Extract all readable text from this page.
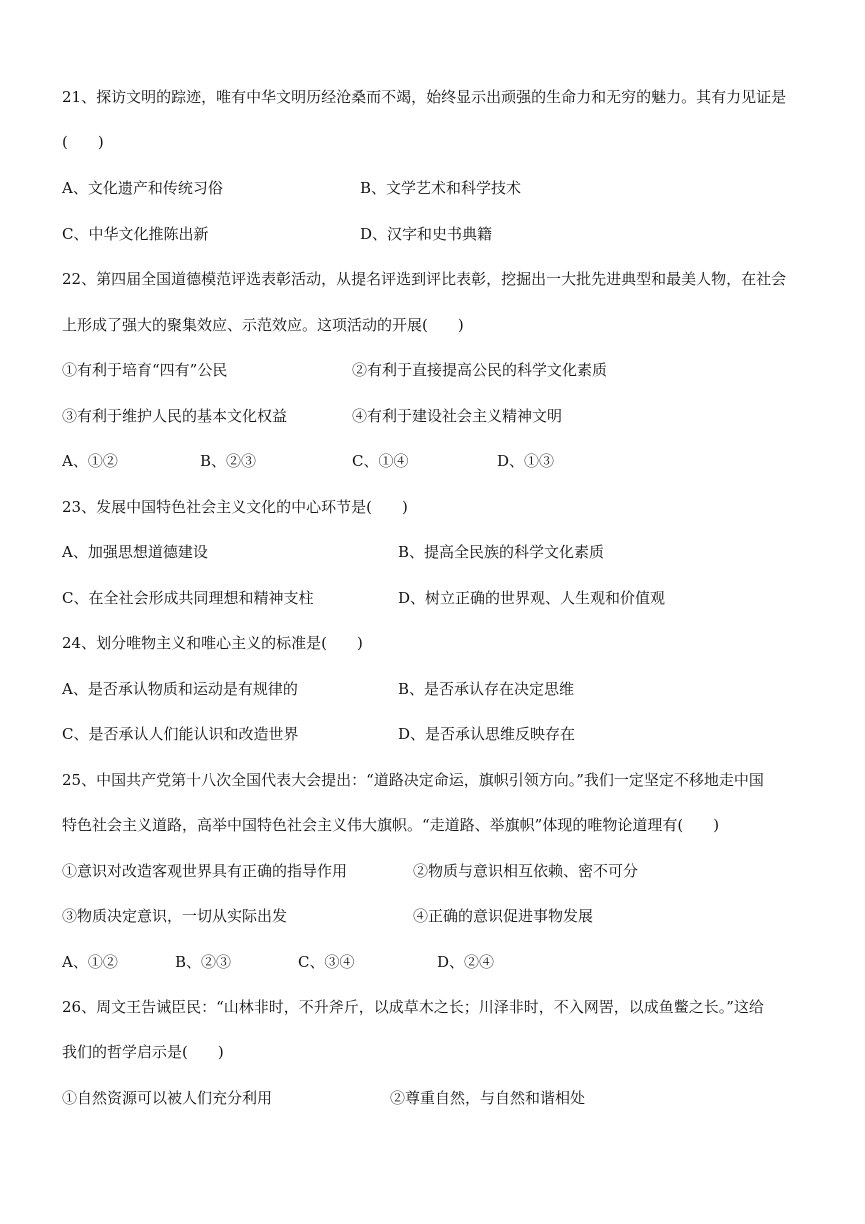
21、探访文明的踪迹，唯有中华文明历经沧桑而不竭，始终显示出顽强的生命力和无穷的魅力。其有力见证是
(　　)
A、文化遗产和传统习俗	B、文学艺术和科学技术
C、中华文化推陈出新	D、汉字和史书典籍
22、第四届全国道德模范评选表彰活动，从提名评选到评比表彰，挖掘出一大批先进典型和最美人物，在社会
上形成了强大的聚集效应、示范效应。这项活动的开展(　　)
①有利于培育“四有”公民	②有利于直接提高公民的科学文化素质
③有利于维护人民的基本文化权益	④有利于建设社会主义精神文明
A、①②	B、②③	C、①④	D、①③
23、发展中国特色社会主义文化的中心环节是(　　)
A、加强思想道德建设	B、提高全民族的科学文化素质
C、在全社会形成共同理想和精神支柱	D、树立正确的世界观、人生观和价值观
24、划分唯物主义和唯心主义的标准是(　　)
A、是否承认物质和运动是有规律的	B、是否承认存在决定思维
C、是否承认人们能认识和改造世界	D、是否承认思维反映存在
25、中国共产党第十八次全国代表大会提出：“道路决定命运，旗帜引领方向。”我们一定坚定不移地走中国
特色社会主义道路，高举中国特色社会主义伟大旗帜。“走道路、举旗帜”体现的唯物论道理有(　　)
①意识对改造客观世界具有正确的指导作用	②物质与意识相互依赖、密不可分
③物质决定意识，一切从实际出发	④正确的意识促进事物发展
A、①②	B、②③	C、③④	D、②④
26、周文王告诫臣民：“山林非时，不升斧斤，以成草木之长；川泽非时，不入网罟，以成鱼鳖之长。”这给
我们的哲学启示是(　　)
①自然资源可以被人们充分利用	②尊重自然，与自然和谐相处
